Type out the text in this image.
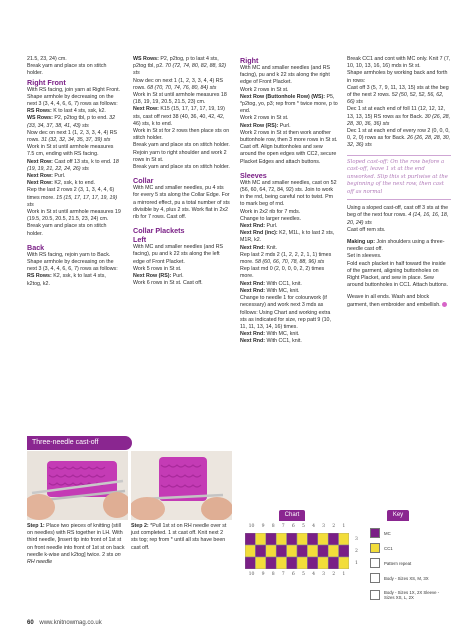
21.5, 23, 24) cm.

Break yarn and place sts on stitch holder.

Right Front

With RS facing, join yarn at Right Front.

Shape armhole by decreasing on the next 3 (3, 4, 4, 6, 6, 7) rows as follows:

RS Rows: K to last 4 sts, ssk, k2.

WS Rows: P2, p2tog tbl, p to end. 32 (33, 34, 37, 38, 41, 43) sts

Now dec on next 1 (1, 2, 3, 3, 4, 4) RS rows. 31 (32, 32, 34, 35, 37, 39) sts

Work in St st until armhole measures 7.5 cm, ending with RS facing.

Next Row: Cast off 13 sts, k to end. 18 (19, 19, 21, 22, 24, 26) sts

Next Row: Purl.

Next Row: K2, ssk, k to end.

Rep the last 2 rows 2 (3, 1, 3, 4, 4, 6) times more. 15 (15, 17, 17, 17, 19, 19) sts

Work in St st until armhole measures 19 (19.5, 20.5, 20.5, 21.5, 23, 24) cm.

Break yarn and place sts on stitch holder.

Back

With RS facing, rejoin yarn to Back.

Shape armhole by decreasing on the next 3 (3, 4, 4, 6, 6, 7) rows as follows:

RS Rows: K2, ssk, k to last 4 sts, k2tog, k2.

WS Rows: P2, p2tog, p to last 4 sts, p2tog tbl, p2. 70 (72, 74, 80, 82, 88, 92) sts

Now dec on next 1 (1, 2, 3, 3, 4, 4) RS rows. 68 (70, 70, 74, 76, 80, 84) sts

Work in St st until armhole measures 18 (18, 19, 19, 20.5, 21.5, 23) cm.

Next Row: K15 (15, 17, 17, 17, 19, 19) sts, cast off next 38 (40, 36, 40, 42, 42, 46) sts, k to end.

Work in St st for 2 rows then place sts on stitch holder.

Break yarn and place sts on stitch holder.

Rejoin yarn to right shoulder and work 2 rows in St st.

Break yarn and place sts on stitch holder.

Collar

With MC and smaller needles, pu 4 sts for every 5 sts along the Collar Edge. For a mirrored effect, pu a total number of sts divisible by 4, plus 2 sts. Work flat in 2x2 rib for 7 rows. Cast off.

Collar Plackets

Left

With MC and smaller needles (and RS facing), pu and k 22 sts along the left edge of Front Placket.

Work 5 rows in St st.

Next Row (RS): Purl.

Work 6 rows in St st. Cast off.

Right

With MC and smaller needles (and RS facing), pu and k 22 sts along the right edge of Front Placket.

Work 2 rows in St st.

Next Row (Buttonhole Row) (WS): P5, *p2tog, yo, p3; rep from * twice more, p to end.

Work 2 rows in St st.

Next Row (RS): Purl.

Work 2 rows in St st then work another buttonhole row, then 3 more rows in St st.

Cast off. Align buttonholes and sew around the open edges with CC2, secure Placket Edges and attach buttons.

Sleeves

With MC and smaller needles, cast on 52 (56, 60, 64, 72, 84, 92) sts. Join to work in the rnd, being careful not to twist. Pm to mark beg of rnd.

Work in 2x2 rib for 7 mds.

Change to larger needles.

Next Rnd: Purl.

Next Rnd (inc): K2, M1L, k to last 2 sts, M1R, k2.

Next Rnd: Knit.

Rep last 2 mds 2 (1, 2, 2, 2, 1, 1) times more. 58 (60, 66, 70, 78, 88, 96) sts

Rep last md 0 (2, 0, 0, 0, 2, 2) times more.

Next Rnd: With CC1, knit.

Next Rnd: With MC, knit.

Change to needle 1 for colourwork (if necessary) and work next 3 mds as follows: Using Chart and working extra sts as indicated for size, rep patt 9 (10, 11, 11, 13, 14, 16) times.

Next Rnd: With MC, knit.

Next Rnd: With CC1, knit.

Break CC1 and cont with MC only. Knit 7 (7, 10, 10, 13, 16, 16) mds in St st.

Shape armholes by working back and forth in rows:

Cast off 3 (5, 7, 9, 11, 13, 15) sts at the beg of the next 2 rows. 52 (50, 52, 52, 56, 62, 66) sts

Dec 1 st at each end of foll 11 (12, 12, 12, 13, 13, 15) RS rows as for Back. 30 (26, 28, 28, 30, 36, 36) sts

Dec 1 st at each end of every row 2 (0, 0, 0, 0, 2, 0) rows as for Back. 26 (26, 28, 28, 30, 32, 36) sts

Sloped cast-off: On the row before a cast-off, leave 1 st at the end unworked. Slip this st purlwise at the beginning of the next row, then cast off as normal

Using a sloped cast-off, cast off 3 sts at the beg of the next four rows. 4 (14, 16, 16, 18, 20, 24) sts

Cast off rem sts.

Making up: Join shoulders using a three-needle cast off.

Set in sleeves.

Fold each placket in half toward the inside of the garment, aligning buttonholes on Right Placket, and sew in place. Sew around buttonholes in CC1. Attach buttons.

Weave in all ends. Wash and block garment, then embroider and embellish.

Three-needle cast-off
Step 1: Place two pieces of knitting (still on needles) with RS together in LH. With third needle, [insert tip into front of 1st st on front needle into front of 1st st on back needle k-wise and k2tog] twice. 2 sts on RH needle
Step 2: *Pull 1st st on RH needle over st just completed. 1 st cast off. Knit next 2 sts tog; rep from * until all sts have been cast off.
Chart
10 9 8 7 6 5 4 3 2 1
3
2
1
10 9 8 7 6 5 4 3 2 1
Key
MC
CC1
Pattern repeat
Body - Sizes XS, M, 3X
Body - Sizes 1X, 2X Sleeve - Sizes XS, L, 2X
60 www.knitnowmag.co.uk
